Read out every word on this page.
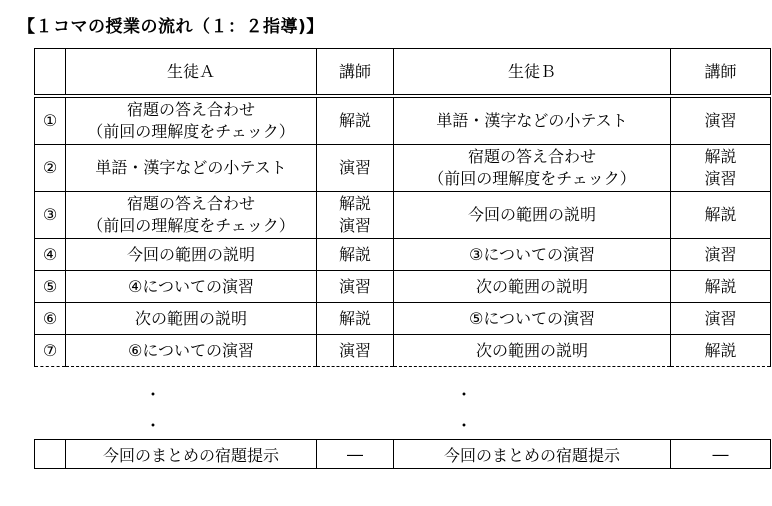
【１コマの授業の流れ（１：２指導)】
	生徒Ａ	講師	生徒Ｂ	講師

①	宿題の答え合わせ
（前回の理解度をチェック）	解説	単語・漢字などの小テスト	演習

②	単語・漢字などの小テスト	演習	宿題の答え合わせ
（前回の理解度をチェック）	解説
演習

③	宿題の答え合わせ
（前回の理解度をチェック）	解説
演習	今回の範囲の説明	解説

④	今回の範囲の説明	解説	③についての演習	演習

⑤	④についての演習	演習	次の範囲の説明	解説

⑥	次の範囲の説明	解説	⑤についての演習	演習

⑦	⑥についての演習	演習	次の範囲の説明	解説
・	・
・	・
	今回のまとめの宿題提示	―	今回のまとめの宿題提示	―
